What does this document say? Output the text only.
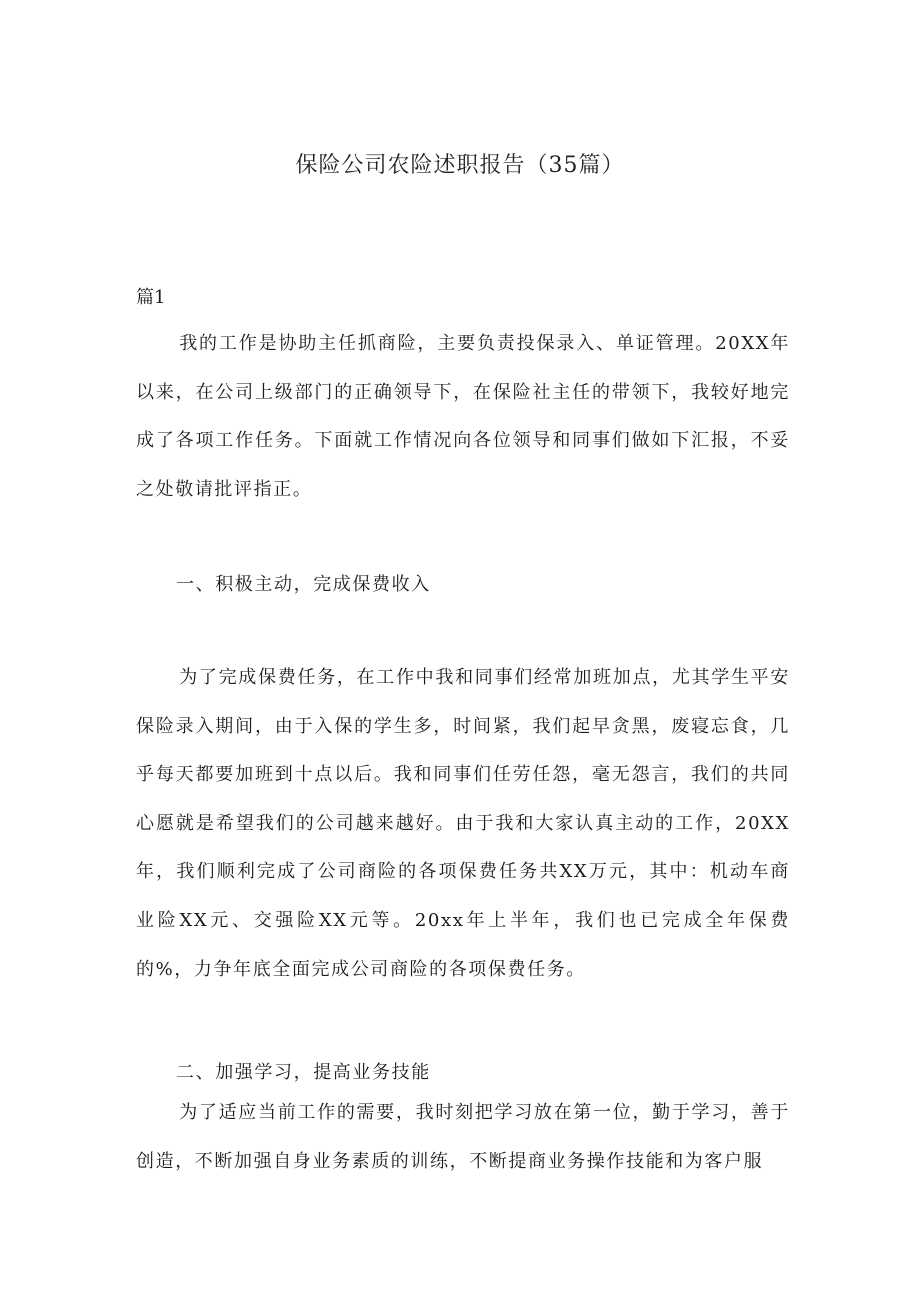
保险公司农险述职报告（35篇）
篇1

我的工作是协助主任抓商险，主要负责投保录入、单证管理。20XX年以来，在公司上级部门的正确领导下，在保险社主任的带领下，我较好地完成了各项工作任务。下面就工作情况向各位领导和同事们做如下汇报，不妥之处敬请批评指正。

一、积极主动，完成保费收入

为了完成保费任务，在工作中我和同事们经常加班加点，尤其学生平安保险录入期间，由于入保的学生多，时间紧，我们起早贪黑，废寝忘食，几乎每天都要加班到十点以后。我和同事们任劳任怨，毫无怨言，我们的共同心愿就是希望我们的公司越来越好。由于我和大家认真主动的工作，20XX年，我们顺利完成了公司商险的各项保费任务共XX万元，其中：机动车商业险XX元、交强险XX元等。20xx年上半年，我们也已完成全年保费的%，力争年底全面完成公司商险的各项保费任务。

二、加强学习，提高业务技能

为了适应当前工作的需要，我时刻把学习放在第一位，勤于学习，善于创造，不断加强自身业务素质的训练，不断提商业务操作技能和为客户服
